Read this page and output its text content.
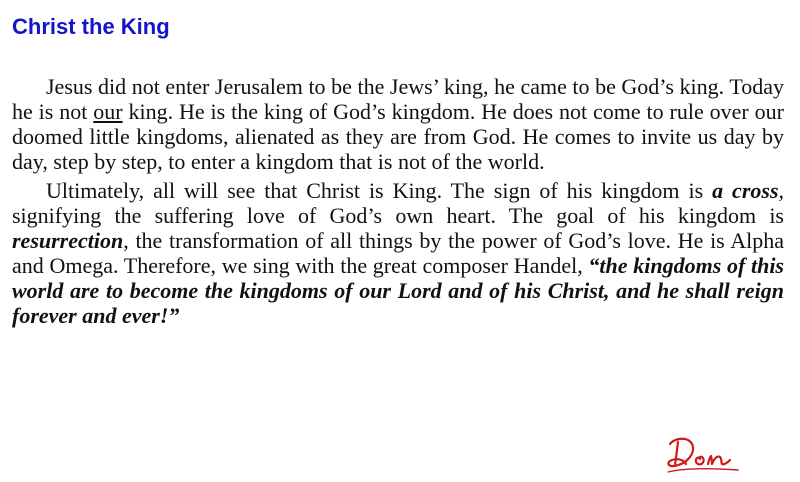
Christ the King

Jesus did not enter Jerusalem to be the Jews’ king, he came to be God’s king. Today he is not our king. He is the king of God’s kingdom. He does not come to rule over our doomed little kingdoms, alienated as they are from God. He comes to invite us day by day, step by step, to enter a kingdom that is not of the world.

Ultimately, all will see that Christ is King. The sign of his kingdom is a cross, signifying the suffering love of God’s own heart. The goal of his kingdom is resurrection, the transformation of all things by the power of God’s love. He is Alpha and Omega. Therefore, we sing with the great composer Handel, “the kingdoms of this world are to become the kingdoms of our Lord and of his Christ, and he shall reign forever and ever!”
